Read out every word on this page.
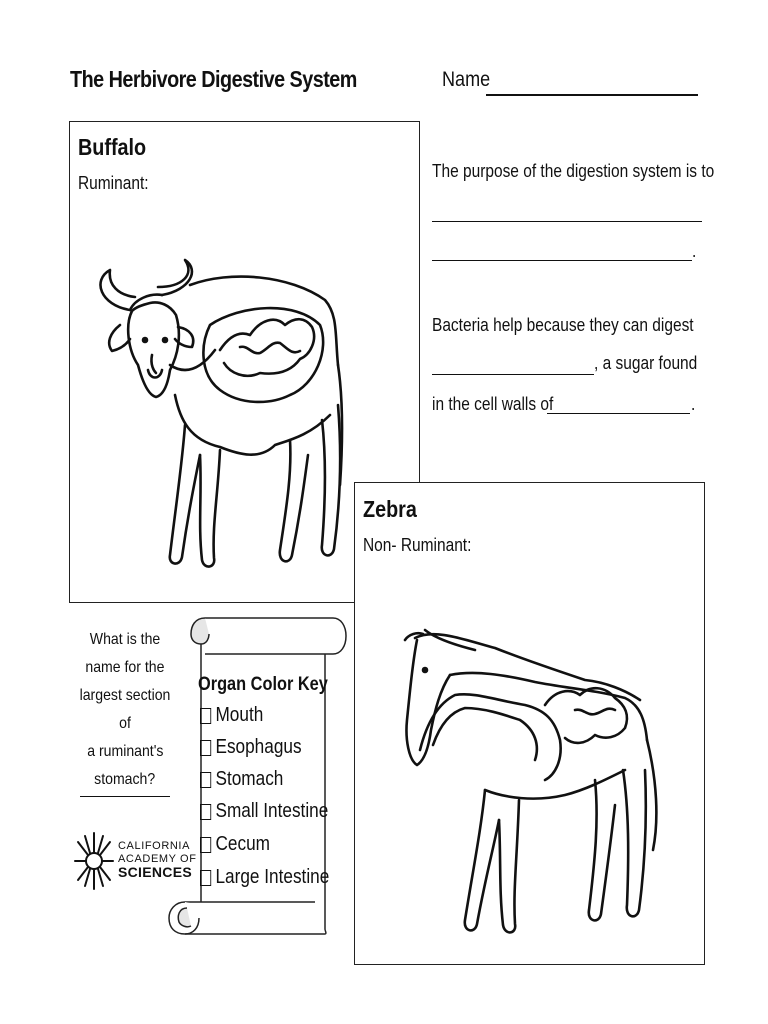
The Herbivore Digestive System	Name
Buffalo
Ruminant:
The purpose of the digestion system is to
.
Bacteria help because they can digest
, a sugar found
in the cell walls of	.
Zebra
Non- Ruminant:
What is the
name for the
largest section of
a ruminant's
stomach?
CALIFORNIA
ACADEMY OF
SCIENCES
Organ Color Key
Mouth
Esophagus
Stomach
Small Intestine
Cecum
Large Intestine
